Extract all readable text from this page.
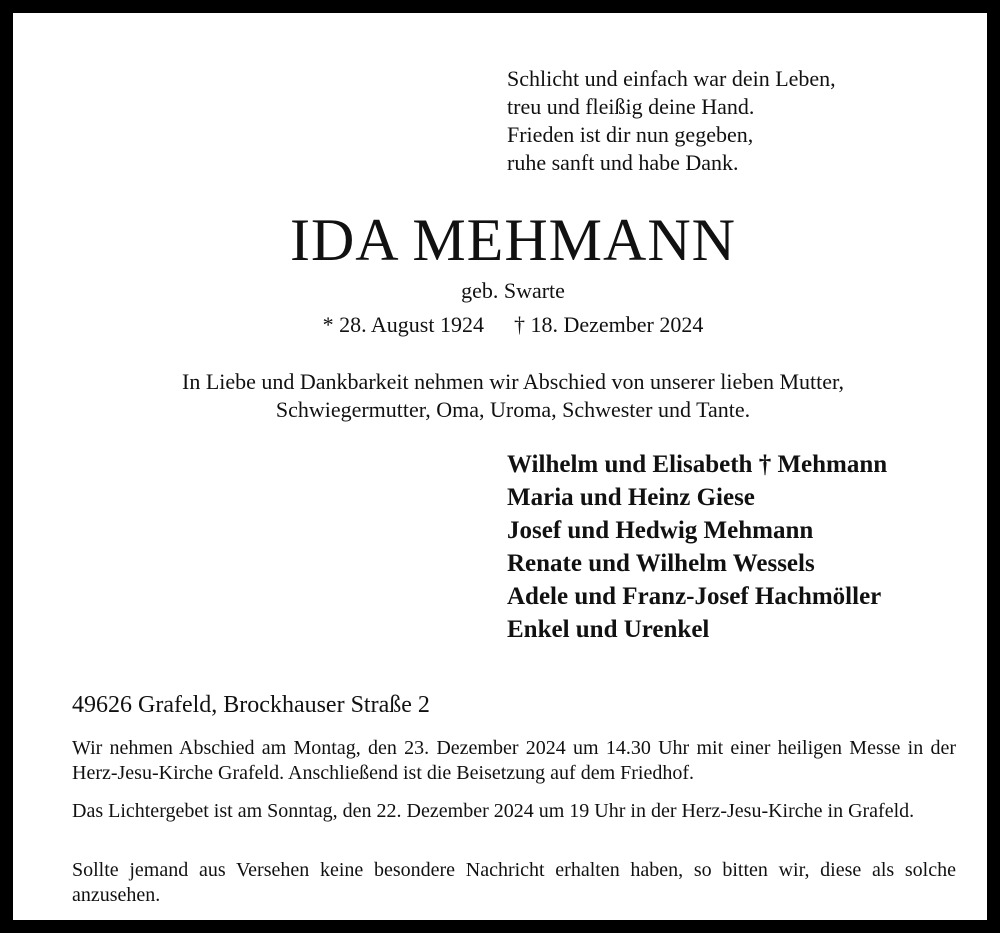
Schlicht und einfach war dein Leben,
treu und fleißig deine Hand.
Frieden ist dir nun gegeben,
ruhe sanft und habe Dank.
IDA MEHMANN
geb. Swarte
* 28. August 1924 † 18. Dezember 2024
In Liebe und Dankbarkeit nehmen wir Abschied von unserer lieben Mutter,
Schwiegermutter, Oma, Uroma, Schwester und Tante.
Wilhelm und Elisabeth † Mehmann
Maria und Heinz Giese
Josef und Hedwig Mehmann
Renate und Wilhelm Wessels
Adele und Franz-Josef Hachmöller
Enkel und Urenkel
49626 Grafeld, Brockhauser Straße 2
Wir nehmen Abschied am Montag, den 23. Dezember 2024 um 14.30 Uhr mit einer heiligen Messe in der Herz-Jesu-Kirche Grafeld. Anschließend ist die Beisetzung auf dem Friedhof.
Das Lichtergebet ist am Sonntag, den 22. Dezember 2024 um 19 Uhr in der Herz-Jesu-Kirche in Grafeld.
Sollte jemand aus Versehen keine besondere Nachricht erhalten haben, so bitten wir, diese als solche anzusehen.
